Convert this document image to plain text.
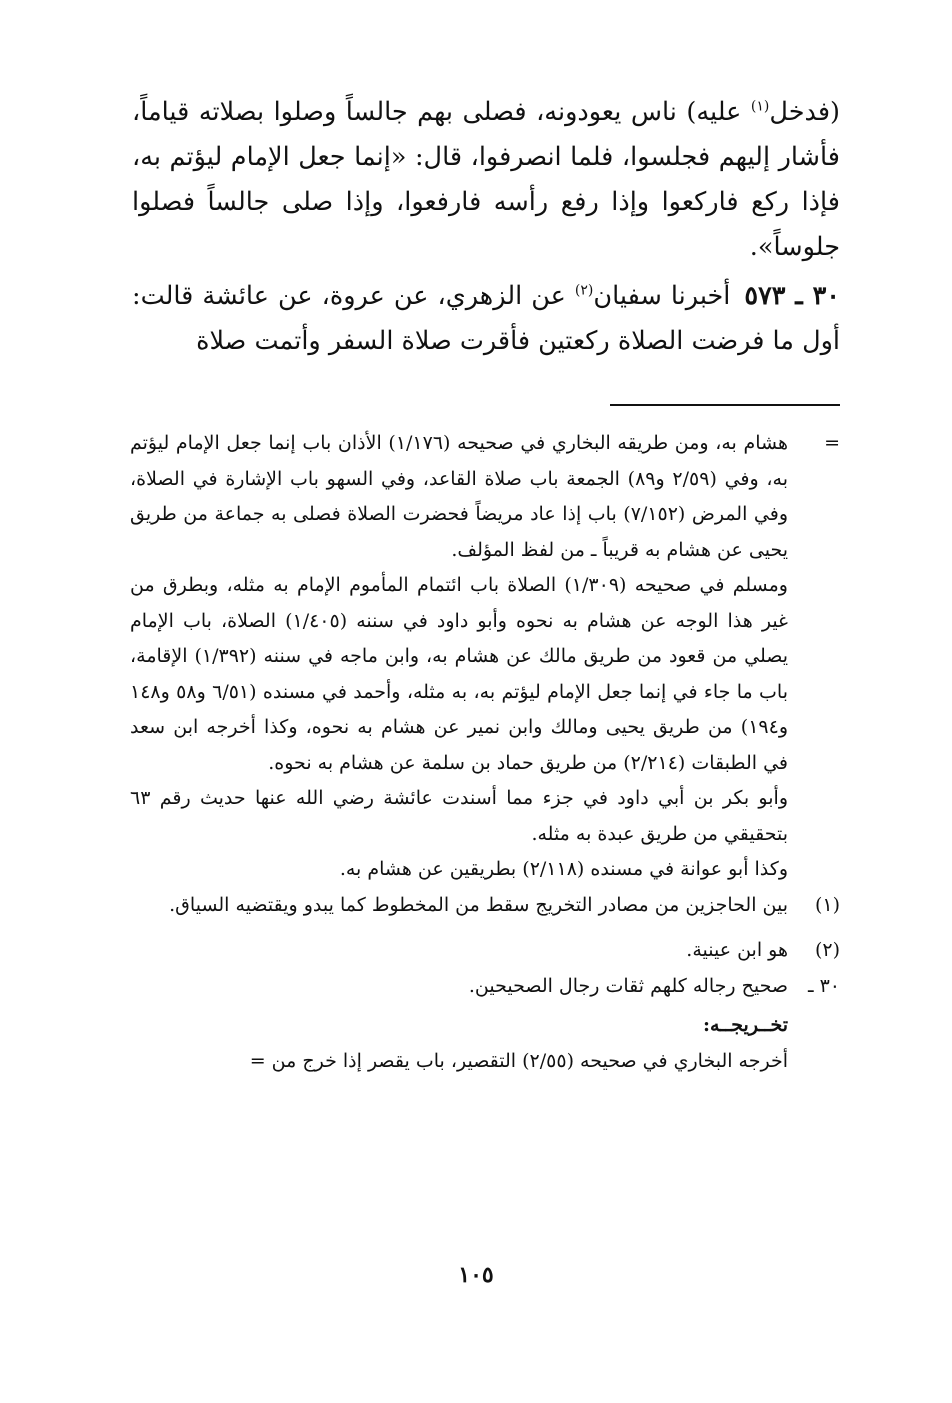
(فدخل$^{(١)}$ عليه) ناس يعودونه، فصلى بهم جالساً وصلوا بصلاته قياماً، فأشار إليهم فجلسوا، فلما انصرفوا، قال: «إنما جعل الإمام ليؤتم به، فإذا ركع فاركعوا وإذا رفع رأسه فارفعوا، وإذا صلى جالساً فصلوا جلوساً».

٣٠ ـ ٥٧٣أخبرنا سفيان$^{(٢)}$ عن الزهري، عن عروة، عن عائشة قالت: أول ما فرضت الصلاة ركعتين فأقرت صلاة السفر وأتمت صلاة

=
هشام به، ومن طريقه البخاري في صحيحه (١/١٧٦) الأذان باب إنما جعل الإمام ليؤتم به، وفي (٢/٥٩ و٨٩) الجمعة باب صلاة القاعد، وفي السهو باب الإشارة في الصلاة، وفي المرض (٧/١٥٢) باب إذا عاد مريضاً فحضرت الصلاة فصلى به جماعة من طريق يحيى عن هشام به قريباً ـ من لفظ المؤلف.
ومسلم في صحيحه (١/٣٠٩) الصلاة باب ائتمام المأموم الإمام به مثله، وبطرق من غير هذا الوجه عن هشام به نحوه وأبو داود في سننه (١/٤٠٥) الصلاة، باب الإمام يصلي من قعود من طريق مالك عن هشام به، وابن ماجه في سننه (١/٣٩٢) الإقامة، باب ما جاء في إنما جعل الإمام ليؤتم به، به مثله، وأحمد في مسنده (٦/٥١ و٥٨ و١٤٨ و١٩٤) من طريق يحيى ومالك وابن نمير عن هشام به نحوه، وكذا أخرجه ابن سعد في الطبقات (٢/٢١٤) من طريق حماد بن سلمة عن هشام به نحوه.
وأبو بكر بن أبي داود في جزء مما أسندت عائشة رضي الله عنها حديث رقم ٦٣ بتحقيقي من طريق عبدة به مثله.
وكذا أبو عوانة في مسنده (٢/١١٨) بطريقين عن هشام به.
(١)
بين الحاجزين من مصادر التخريج سقط من المخطوط كما يبدو ويقتضيه السياق.
(٢)
هو ابن عينية.
٣٠ ـ
صحيح رجاله كلهم ثقات رجال الصحيحين.

تخــريجــه:

أخرجه البخاري في صحيحه (٢/٥٥) التقصير، باب يقصر إذا خرج من =

١٠٥
